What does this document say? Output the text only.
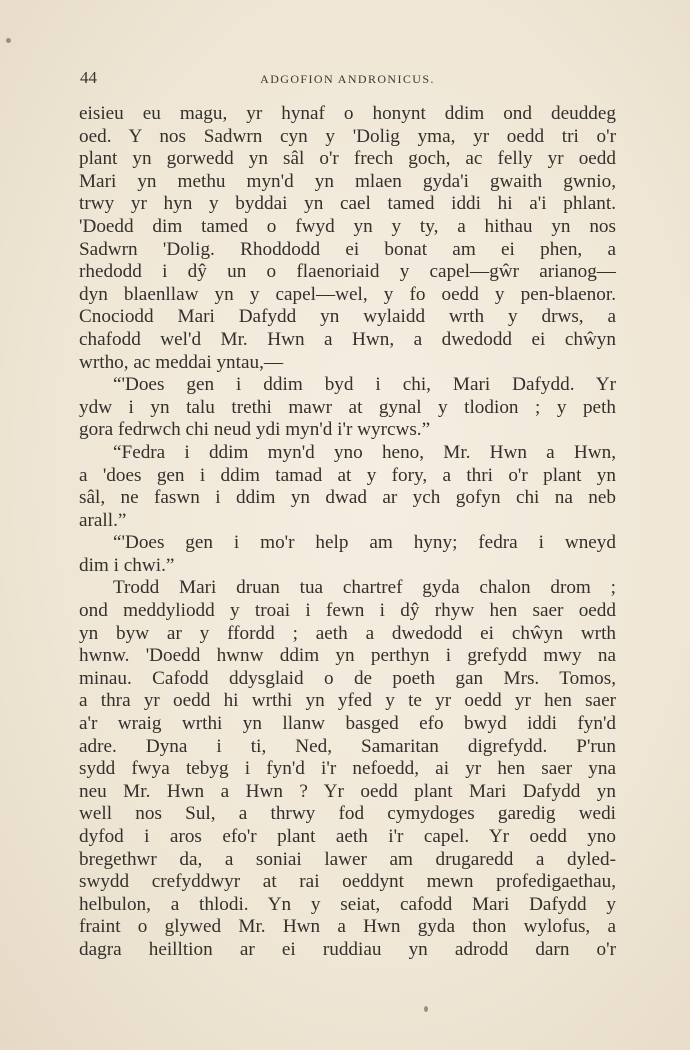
44	ADGOFION ANDRONICUS.
eisieu eu magu, yr hynaf o honynt ddim ond deuddeg
oed. Y nos Sadwrn cyn y 'Dolig yma, yr oedd tri o'r
plant yn gorwedd yn sâl o'r frech goch, ac felly yr oedd
Mari yn methu myn'd yn mlaen gyda'i gwaith gwnio,
trwy yr hyn y byddai yn cael tamed iddi hi a'i phlant.
'Doedd dim tamed o fwyd yn y ty, a hithau yn nos
Sadwrn 'Dolig. Rhoddodd ei bonat am ei phen, a
rhedodd i dŷ un o flaenoriaid y capel—gŵr arianog—
dyn blaenllaw yn y capel—wel, y fo oedd y pen-blaenor.
Cnociodd Mari Dafydd yn wylaidd wrth y drws, a
chafodd wel'd Mr. Hwn a Hwn, a dwedodd ei chŵyn
wrtho, ac meddai yntau,—
“'Does gen i ddim byd i chi, Mari Dafydd. Yr
ydw i yn talu trethi mawr at gynal y tlodion ; y peth
gora fedrwch chi neud ydi myn'd i'r wyrcws.”
“Fedra i ddim myn'd yno heno, Mr. Hwn a Hwn,
a 'does gen i ddim tamad at y fory, a thri o'r plant yn
sâl, ne faswn i ddim yn dwad ar ych gofyn chi na neb
arall.”
“'Does gen i mo'r help am hyny; fedra i wneyd
dim i chwi.”
Trodd Mari druan tua chartref gyda chalon drom ;
ond meddyliodd y troai i fewn i dŷ rhyw hen saer oedd
yn byw ar y ffordd ; aeth a dwedodd ei chŵyn wrth
hwnw. 'Doedd hwnw ddim yn perthyn i grefydd mwy na
minau. Cafodd ddysglaid o de poeth gan Mrs. Tomos,
a thra yr oedd hi wrthi yn yfed y te yr oedd yr hen saer
a'r wraig wrthi yn llanw basged efo bwyd iddi fyn'd
adre. Dyna i ti, Ned, Samaritan digrefydd. P'run
sydd fwya tebyg i fyn'd i'r nefoedd, ai yr hen saer yna
neu Mr. Hwn a Hwn ? Yr oedd plant Mari Dafydd yn
well nos Sul, a thrwy fod cymydoges garedig wedi
dyfod i aros efo'r plant aeth i'r capel. Yr oedd yno
bregethwr da, a soniai lawer am drugaredd a dyled-
swydd crefyddwyr at rai oeddynt mewn profedigaethau,
helbulon, a thlodi. Yn y seiat, cafodd Mari Dafydd y
fraint o glywed Mr. Hwn a Hwn gyda thon wylofus, a
dagra heilltion ar ei ruddiau yn adrodd darn o'r
